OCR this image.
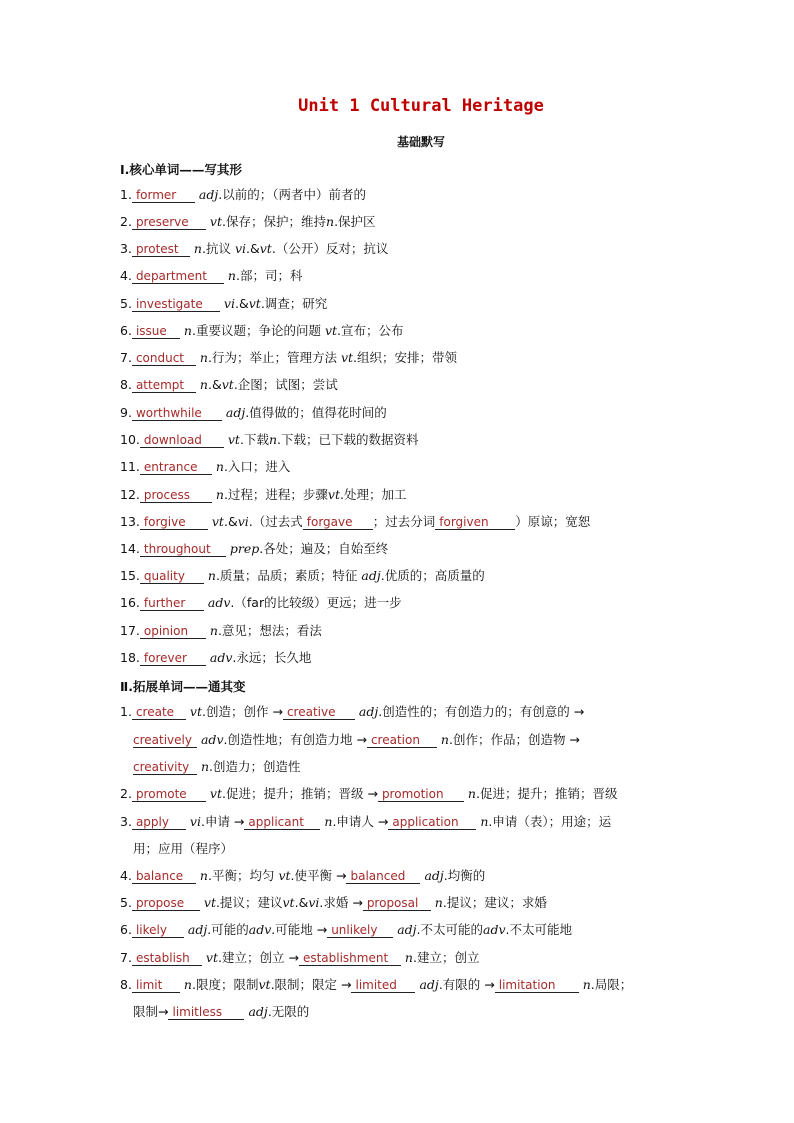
Unit 1 Cultural Heritage
基础默写
Ⅰ.核心单词——写其形
1. former adj.以前的；（两者中）前者的
2. preserve vt.保存；保护；维持n.保护区
3. protest n.抗议 vi.&vt.（公开）反对；抗议
4. department n.部；司；科
5. investigate vi.&vt.调查；研究
6. issue n.重要议题；争论的问题 vt.宣布；公布
7. conduct n.行为；举止；管理方法 vt.组织；安排；带领
8. attempt n.&vt.企图；试图；尝试
9. worthwhile adj.值得做的；值得花时间的
10. download vt.下载n.下载；已下载的数据资料
11. entrance n.入口；进入
12. process n.过程；进程；步骤vt.处理；加工
13. forgive vt.&vi.（过去式 forgave ；过去分词 forgiven ）原谅；宽恕
14. throughout prep.各处；遍及；自始至终
15. quality n.质量；品质；素质；特征 adj.优质的；高质量的
16. further adv.（far的比较级）更远；进一步
17. opinion n.意见；想法；看法
18. forever adv.永远；长久地
Ⅱ.拓展单词——通其变
1. create vt.创造；创作 → creative adj.创造性的；有创造力的；有创意的 →
creatively adv.创造性地；有创造力地 → creation n.创作；作品；创造物 →
creativity n.创造力；创造性
2. promote vt.促进；提升；推销；晋级 → promotion n.促进；提升；推销；晋级
3. apply vi.申请 → applicant n.申请人 → application n.申请（表）；用途；运
用；应用（程序）
4. balance n.平衡；均匀 vt.使平衡 → balanced adj.均衡的
5. propose vt.提议；建议vt.&vi.求婚 → proposal n.提议；建议；求婚
6. likely adj.可能的adv.可能地 → unlikely adj.不太可能的adv.不太可能地
7. establish vt.建立；创立 → establishment n.建立；创立
8. limit n.限度；限制vt.限制；限定 → limited adj.有限的 → limitation n.局限；
限制→ limitless adj.无限的
